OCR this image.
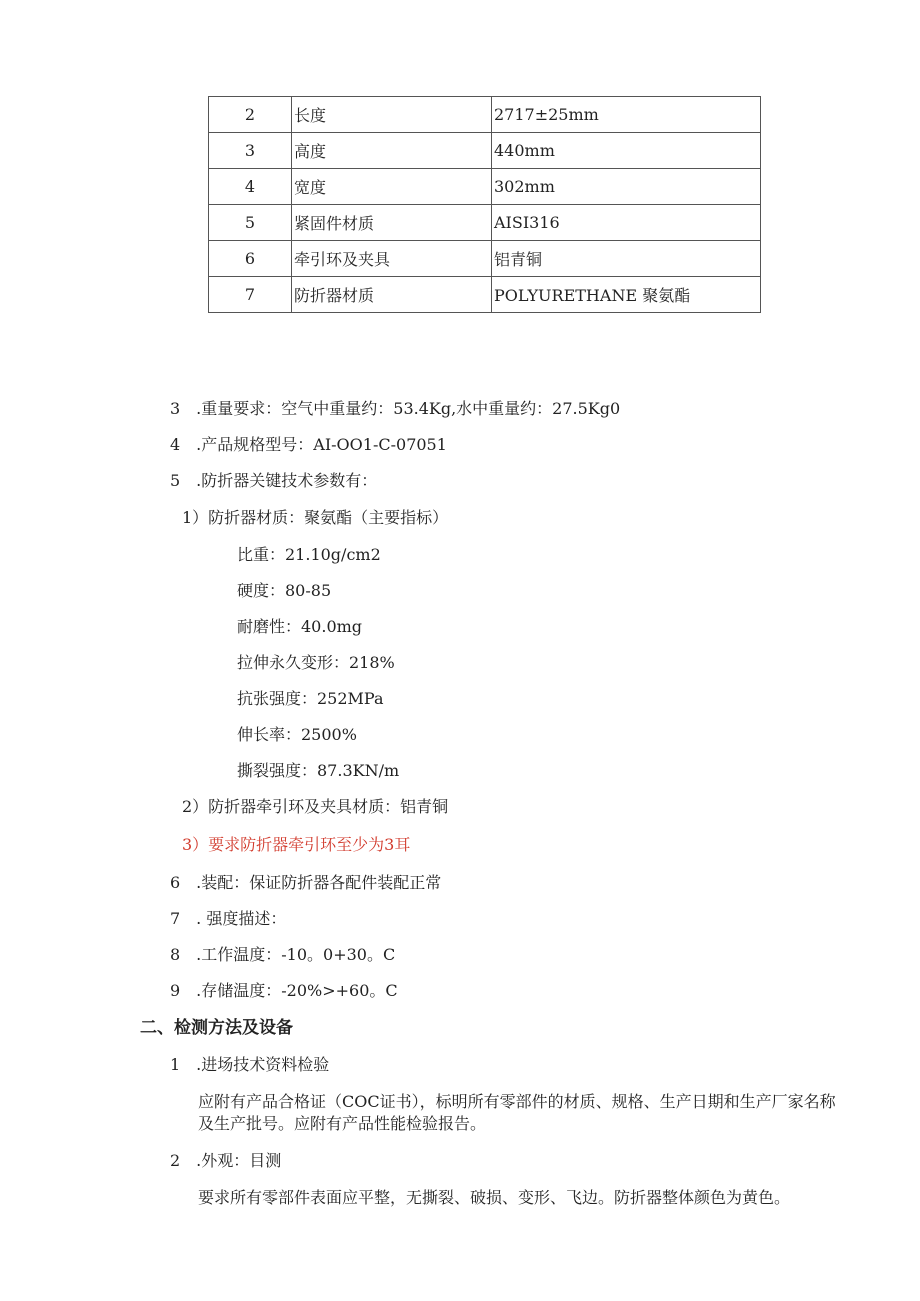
2	长度	2717±25mm
3	高度	440mm
4	宽度	302mm
5	紧固件材质	AISI316
6	牵引环及夹具	铝青铜
7	防折器材质	POLYURETHANE 聚氨酯
3　.重量要求：空气中重量约：53.4Kg,水中重量约：27.5Kg0
4　.产品规格型号：AI-OO1-C-07051
5　.防折器关键技术参数有：
1）防折器材质：聚氨酯（主要指标）
比重：21.10g∕cm2
硬度：80-85
耐磨性：40.0mg
拉伸永久变形：218%
抗张强度：252MPa
伸长率：2500%
撕裂强度：87.3KN∕m
2）防折器牵引环及夹具材质：铝青铜
3）要求防折器牵引环至少为3耳
6　.装配：保证防折器各配件装配正常
7　. 强度描述：
8　.工作温度：-10。0+30。C
9　.存储温度：-20%>+60。C
二、检测方法及设备
1　.进场技术资料检验
应附有产品合格证（COC证书），标明所有零部件的材质、规格、生产日期和生产厂家名称及生产批号。应附有产品性能检验报告。
2　.外观：目测
要求所有零部件表面应平整，无撕裂、破损、变形、飞边。防折器整体颜色为黄色。
